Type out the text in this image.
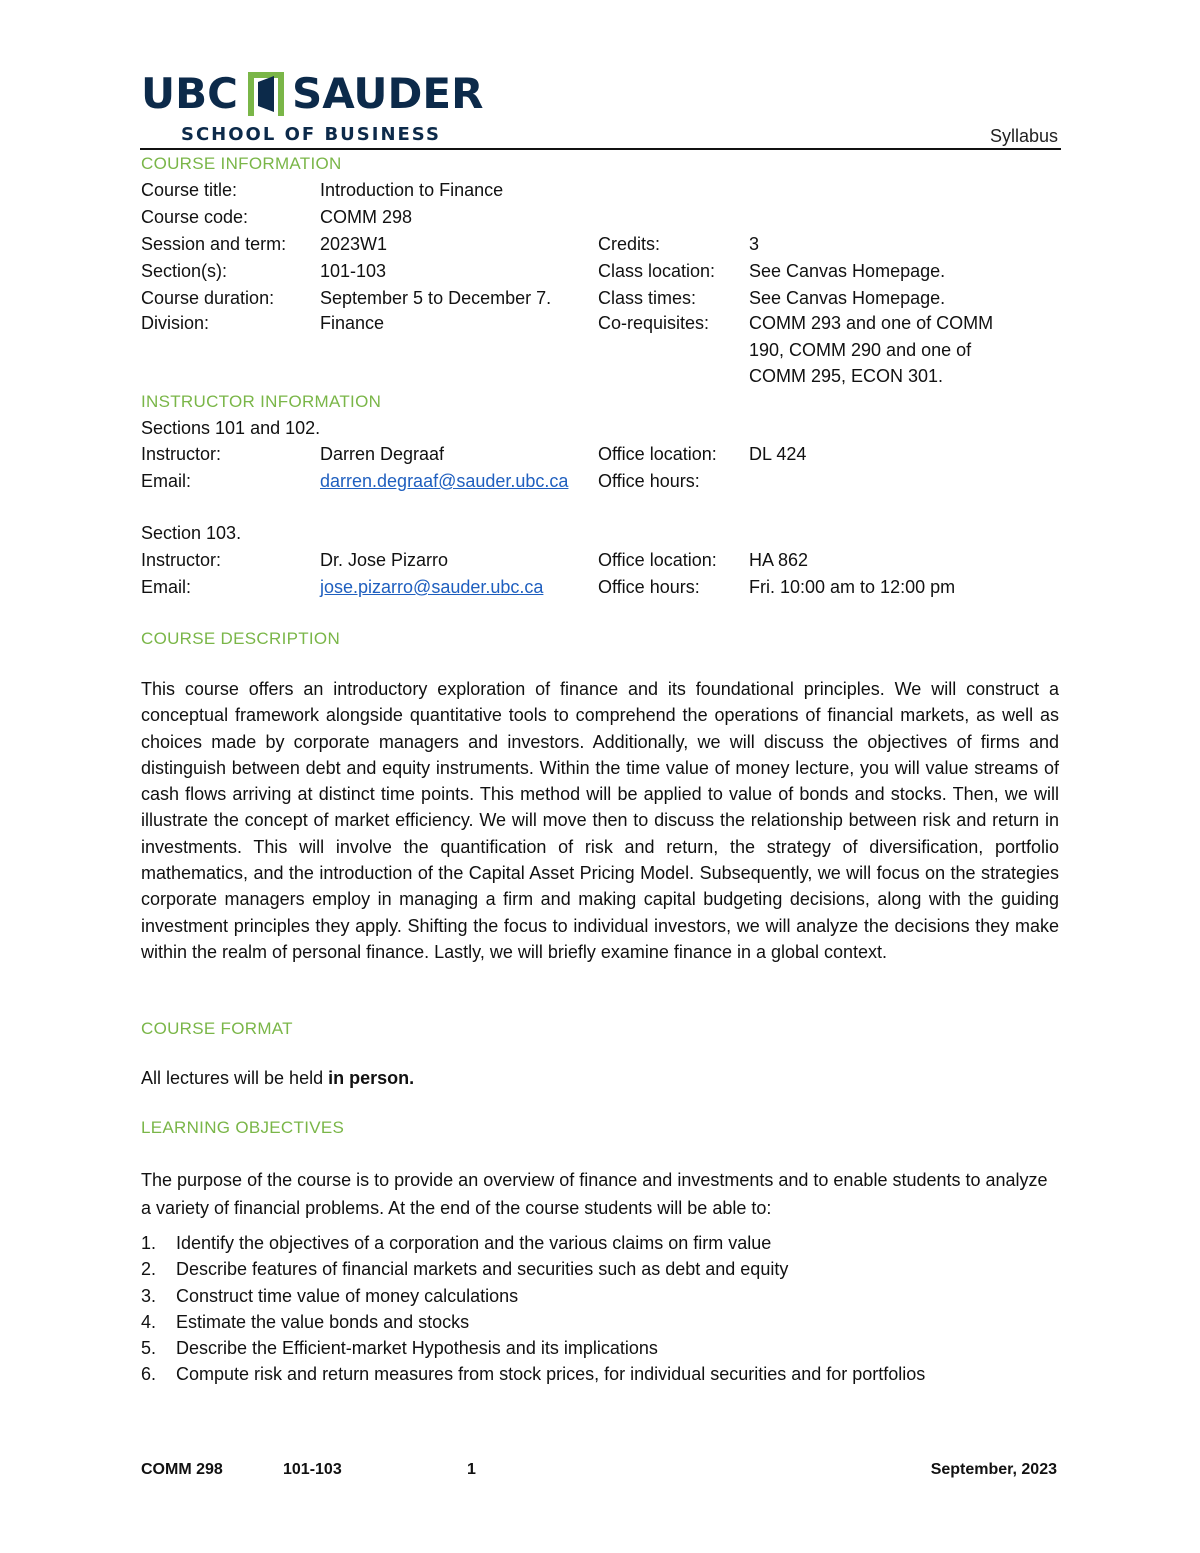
UBC SAUDER
SCHOOL OF BUSINESS	Syllabus
COURSE INFORMATION
Course title:	Introduction to Finance
Course code:	COMM 298
Session and term: 2023W1	Credits:	3
Section(s):	101-103	Class location: See Canvas Homepage.
Course duration:	September 5 to December 7.	Class times:	See Canvas Homepage.
Division:	Finance	Co-requisites: COMM 293 and one of COMM
190, COMM 290 and one of
COMM 295, ECON 301.
INSTRUCTOR INFORMATION
Sections 101 and 102.
Instructor:	Darren Degraaf	Office location: DL 424
Email:	darren.degraaf@sauder.ubc.ca Office hours:
Section 103.
Instructor:	Dr. Jose Pizarro	Office location: HA 862
Email:	jose.pizarro@sauder.ubc.ca	Office hours:	Fri. 10:00 am to 12:00 pm
COURSE DESCRIPTION
This course offers an introductory exploration of finance and its foundational principles. We will construct a conceptual framework alongside quantitative tools to comprehend the operations of financial markets, as well as choices made by corporate managers and investors. Additionally, we will discuss the objectives of firms and distinguish between debt and equity instruments. Within the time value of money lecture, you will value streams of cash flows arriving at distinct time points. This method will be applied to value of bonds and stocks. Then, we will illustrate the concept of market efficiency. We will move then to discuss the relationship between risk and return in investments. This will involve the quantification of risk and return, the strategy of diversification, portfolio mathematics, and the introduction of the Capital Asset Pricing Model. Subsequently, we will focus on the strategies corporate managers employ in managing a firm and making capital budgeting decisions, along with the guiding investment principles they apply. Shifting the focus to individual investors, we will analyze the decisions they make within the realm of personal finance. Lastly, we will briefly examine finance in a global context.
COURSE FORMAT
All lectures will be held in person.
LEARNING OBJECTIVES
The purpose of the course is to provide an overview of finance and investments and to enable students to analyze a variety of financial problems. At the end of the course students will be able to:
1. Identify the objectives of a corporation and the various claims on firm value
2. Describe features of financial markets and securities such as debt and equity
3. Construct time value of money calculations
4. Estimate the value bonds and stocks
5. Describe the Efficient-market Hypothesis and its implications
6. Compute risk and return measures from stock prices, for individual securities and for portfolios
COMM 298	101-103	1	September, 2023
